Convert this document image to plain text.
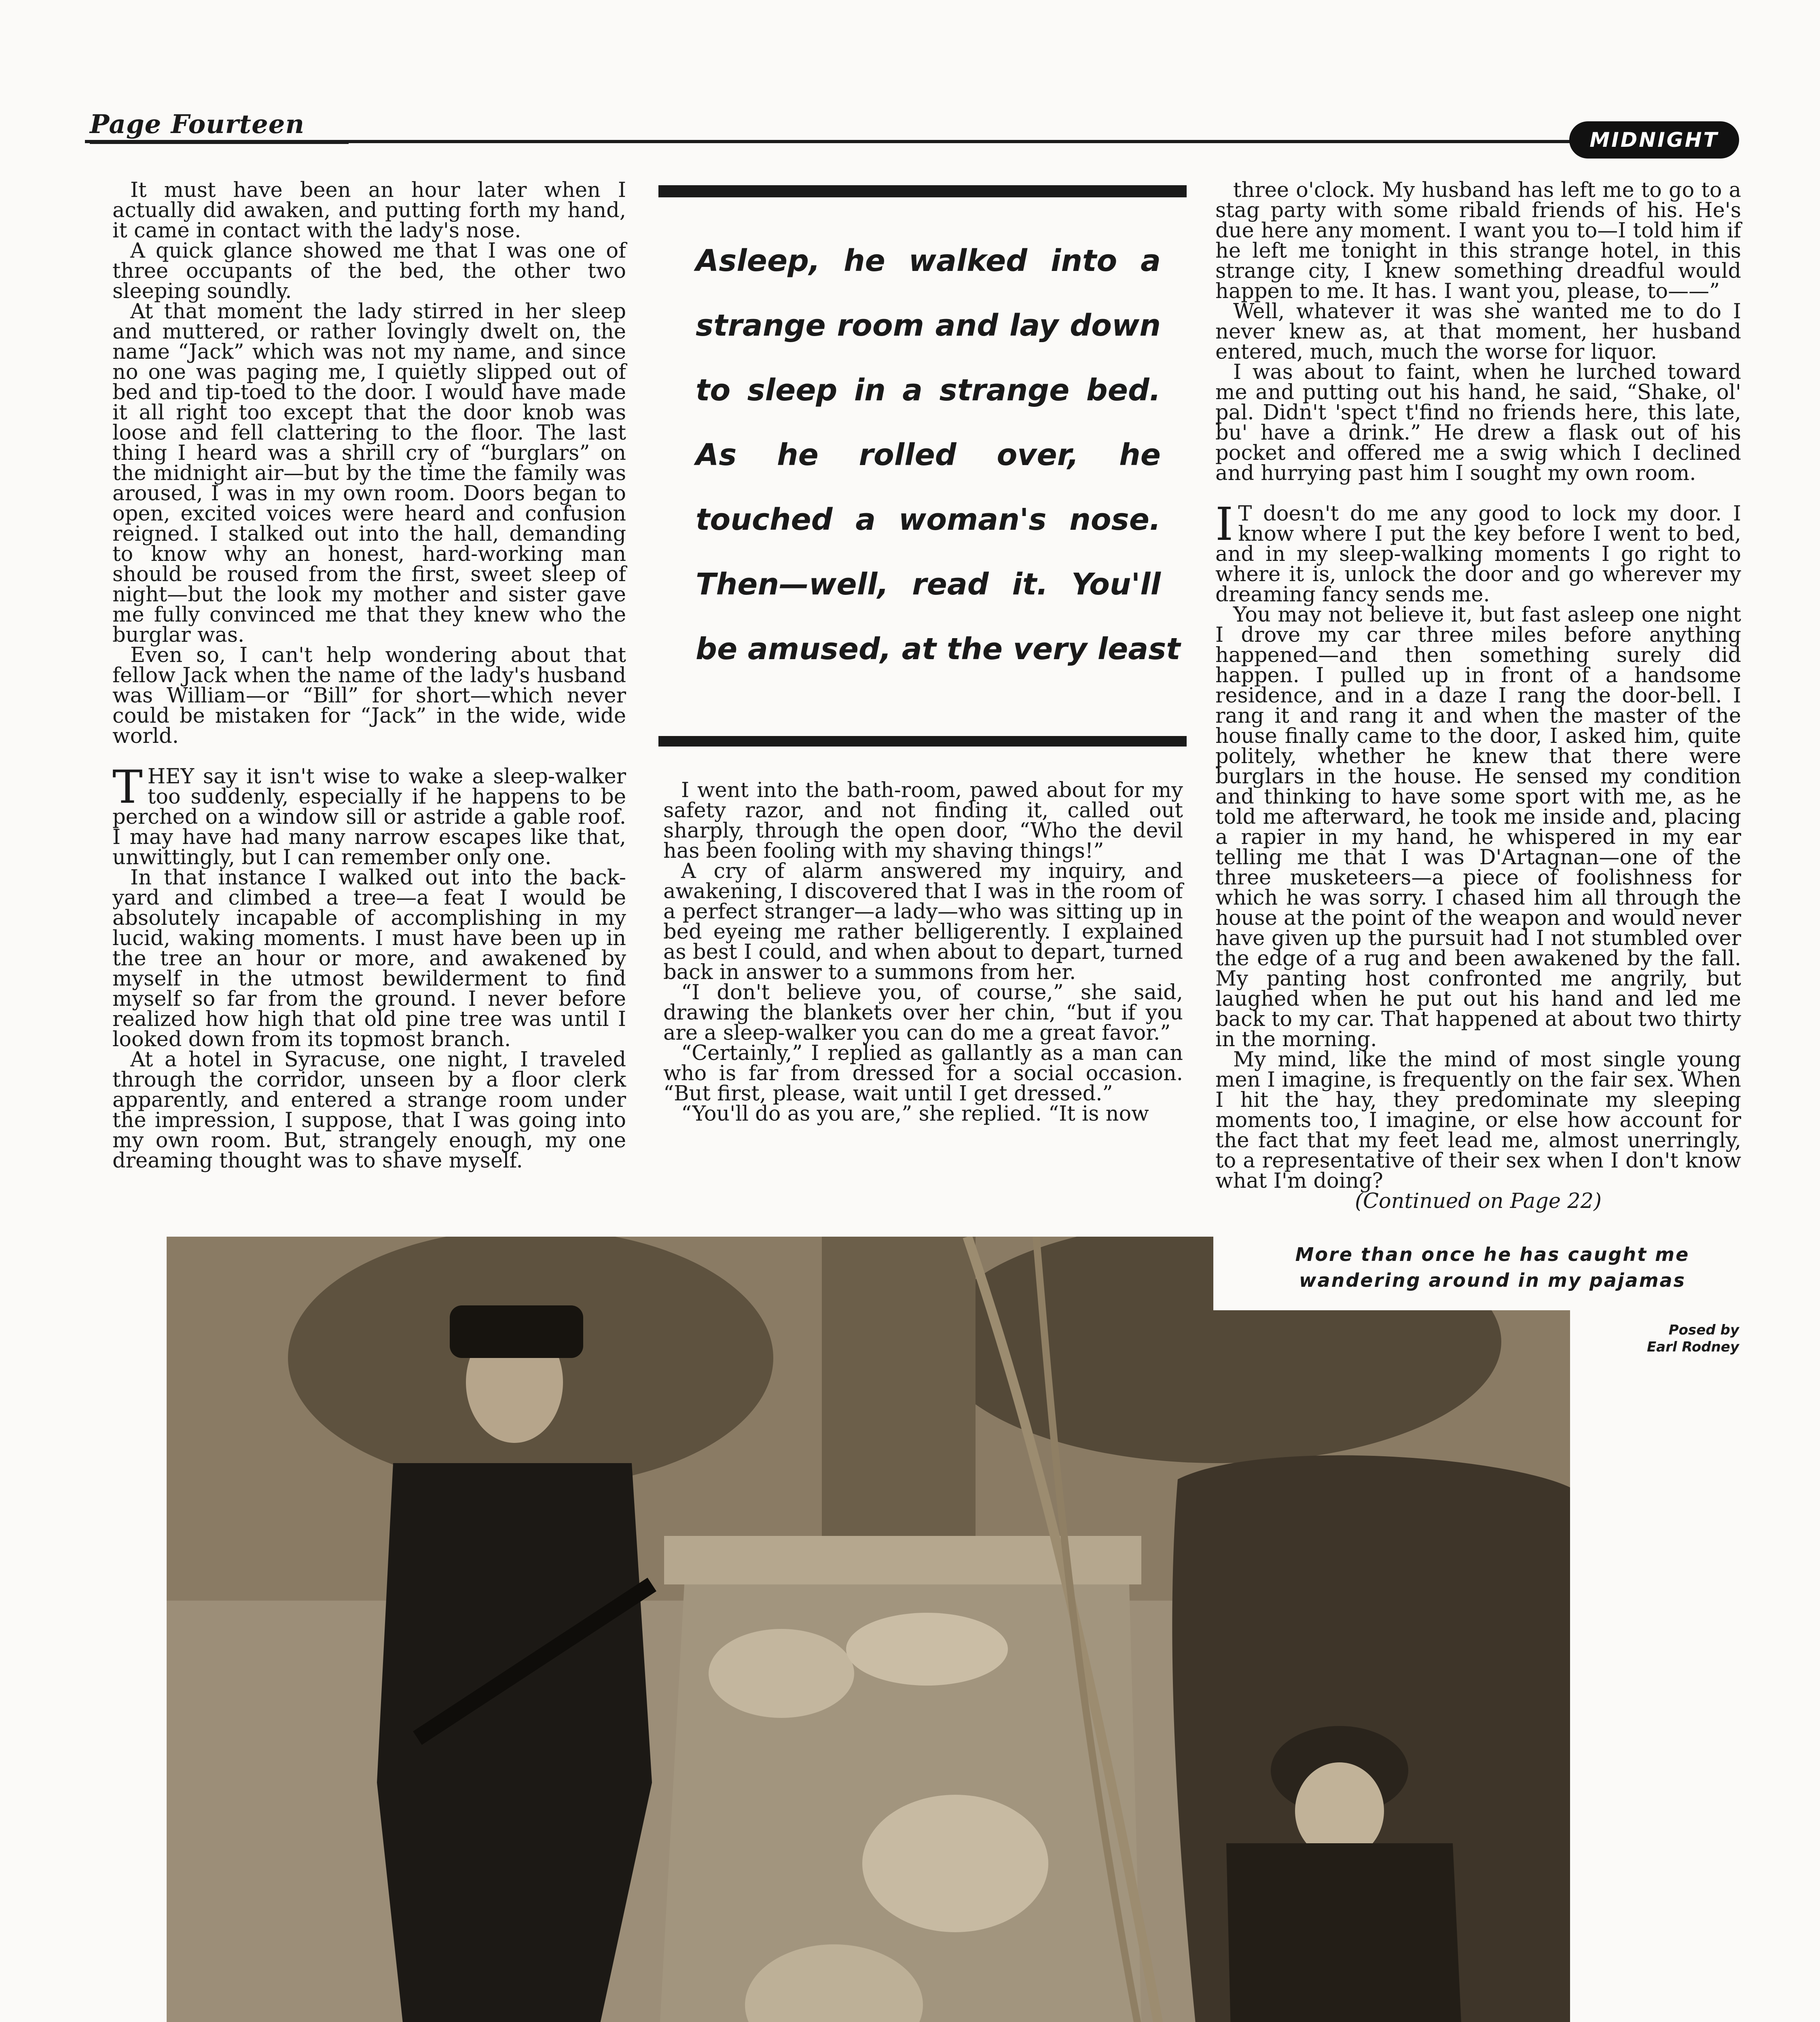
Page Fourteen
MIDNIGHT

It must have been an hour later when I actually did awaken, and putting forth my hand, it came in contact with the lady's nose.

A quick glance showed me that I was one of three occupants of the bed, the other two sleeping soundly.

At that moment the lady stirred in her sleep and muttered, or rather lovingly dwelt on, the name “Jack” which was not my name, and since no one was paging me, I quietly slipped out of bed and tip-toed to the door. I would have made it all right too except that the door knob was loose and fell clattering to the floor. The last thing I heard was a shrill cry of “burglars” on the midnight air—but by the time the family was aroused, I was in my own room. Doors began to open, excited voices were heard and confusion reigned. I stalked out into the hall, demanding to know why an honest, hard-working man should be roused from the first, sweet sleep of night—but the look my mother and sister gave me fully convinced me that they knew who the burglar was.

Even so, I can't help wondering about that fellow Jack when the name of the lady's husband was William—or “Bill” for short—which never could be mistaken for “Jack” in the wide, wide world.

THEY say it isn't wise to wake a sleep-walker too suddenly, especially if he happens to be perched on a window sill or astride a gable roof. I may have had many narrow escapes like that, unwittingly, but I can remember only one.

In that instance I walked out into the back-yard and climbed a tree—a feat I would be absolutely incapable of accomplishing in my lucid, waking moments. I must have been up in the tree an hour or more, and awakened by myself in the utmost bewilderment to find myself so far from the ground. I never before realized how high that old pine tree was until I looked down from its topmost branch.

At a hotel in Syracuse, one night, I traveled through the corridor, unseen by a floor clerk apparently, and entered a strange room under the impression, I suppose, that I was going into my own room. But, strangely enough, my one dreaming thought was to shave myself.

Asleep, he walked into a

strange room and lay down

to sleep in a strange bed.

As he rolled over, he

touched a woman's nose.

Then—well, read it. You'll

be amused, at the very least

I went into the bath-room, pawed about for my safety razor, and not finding it, called out sharply, through the open door, “Who the devil has been fooling with my shaving things!”

A cry of alarm answered my inquiry, and awakening, I discovered that I was in the room of a perfect stranger—a lady—who was sitting up in bed eyeing me rather belligerently. I explained as best I could, and when about to depart, turned back in answer to a summons from her.

“I don't believe you, of course,” she said, drawing the blankets over her chin, “but if you are a sleep-walker you can do me a great favor.”

“Certainly,” I replied as gallantly as a man can who is far from dressed for a social occasion. “But first, please, wait until I get dressed.”

“You'll do as you are,” she replied. “It is now

three o'clock. My husband has left me to go to a stag party with some ribald friends of his. He's due here any moment. I want you to—I told him if he left me tonight in this strange hotel, in this strange city, I knew something dreadful would happen to me. It has. I want you, please, to——”

Well, whatever it was she wanted me to do I never knew as, at that moment, her husband entered, much, much the worse for liquor.

I was about to faint, when he lurched toward me and putting out his hand, he said, “Shake, ol' pal. Didn't 'spect t'find no friends here, this late, bu' have a drink.” He drew a flask out of his pocket and offered me a swig which I declined and hurrying past him I sought my own room.

I T doesn't do me any good to lock my door. I know where I put the key before I went to bed, and in my sleep-walking moments I go right to where it is, unlock the door and go wherever my dreaming fancy sends me.

You may not believe it, but fast asleep one night I drove my car three miles before anything happened—and then something surely did happen. I pulled up in front of a handsome residence, and in a daze I rang the door-bell. I rang it and rang it and when the master of the house finally came to the door, I asked him, quite politely, whether he knew that there were burglars in the house. He sensed my condition and thinking to have some sport with me, as he told me afterward, he took me inside and, placing a rapier in my hand, he whispered in my ear telling me that I was D'Artagnan—one of the three musketeers—a piece of foolishness for which he was sorry. I chased him all through the house at the point of the weapon and would never have given up the pursuit had I not stumbled over the edge of a rug and been awakened by the fall. My panting host confronted me angrily, but laughed when he put out his hand and led me back to my car. That happened at about two thirty in the morning.

My mind, like the mind of most single young men I imagine, is frequently on the fair sex. When I hit the hay, they predominate my sleeping moments too, I imagine, or else how account for the fact that my feet lead me, almost unerringly, to a representative of their sex when I don't know what I'm doing?

(Continued on Page 22)

More than once he has caught me
wandering around in my pajamas
Posed by
Earl Rodney
